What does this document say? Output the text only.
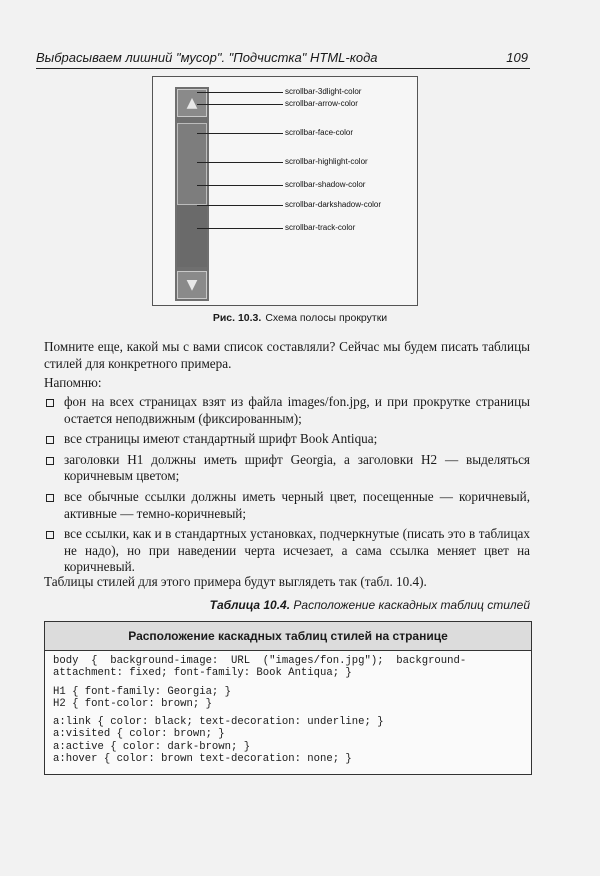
Выбрасываем лишний "мусор". "Подчистка" HTML-кода	109
▲
▼
scrollbar-3dlight-color
scrollbar-arrow-color
scrollbar-face-color
scrollbar-highlight-color
scrollbar-shadow-color
scrollbar-darkshadow-color
scrollbar-track-color
Рис. 10.3. Схема полосы прокрутки
Помните еще, какой мы с вами список составляли? Сейчас мы будем писать таблицы стилей для конкретного примера.
Напомню:
фон на всех страницах взят из файла images/fon.jpg, и при прокрутке страницы остается неподвижным (фиксированным);
все страницы имеют стандартный шрифт Book Antiqua;
заголовки H1 должны иметь шрифт Georgia, а заголовки H2 — выделяться коричневым цветом;
все обычные ссылки должны иметь черный цвет, посещенные — коричневый, активные — темно-коричневый;
все ссылки, как и в стандартных установках, подчеркнутые (писать это в таблицах не надо), но при наведении черта исчезает, а сама ссылка меняет цвет на коричневый.
Таблицы стилей для этого примера будут выглядеть так (табл. 10.4).
Таблица 10.4. Расположение каскадных таблиц стилей
Расположение каскадных таблиц стилей на странице
body  {  background-image:  URL  ("images/fon.jpg");  background-
attachment: fixed; font-family: Book Antiqua; }
H1 { font-family: Georgia; }
H2 { font-color: brown; }
a:link { color: black; text-decoration: underline; }
a:visited { color: brown; }
a:active { color: dark-brown; }
a:hover { color: brown text-decoration: none; }
